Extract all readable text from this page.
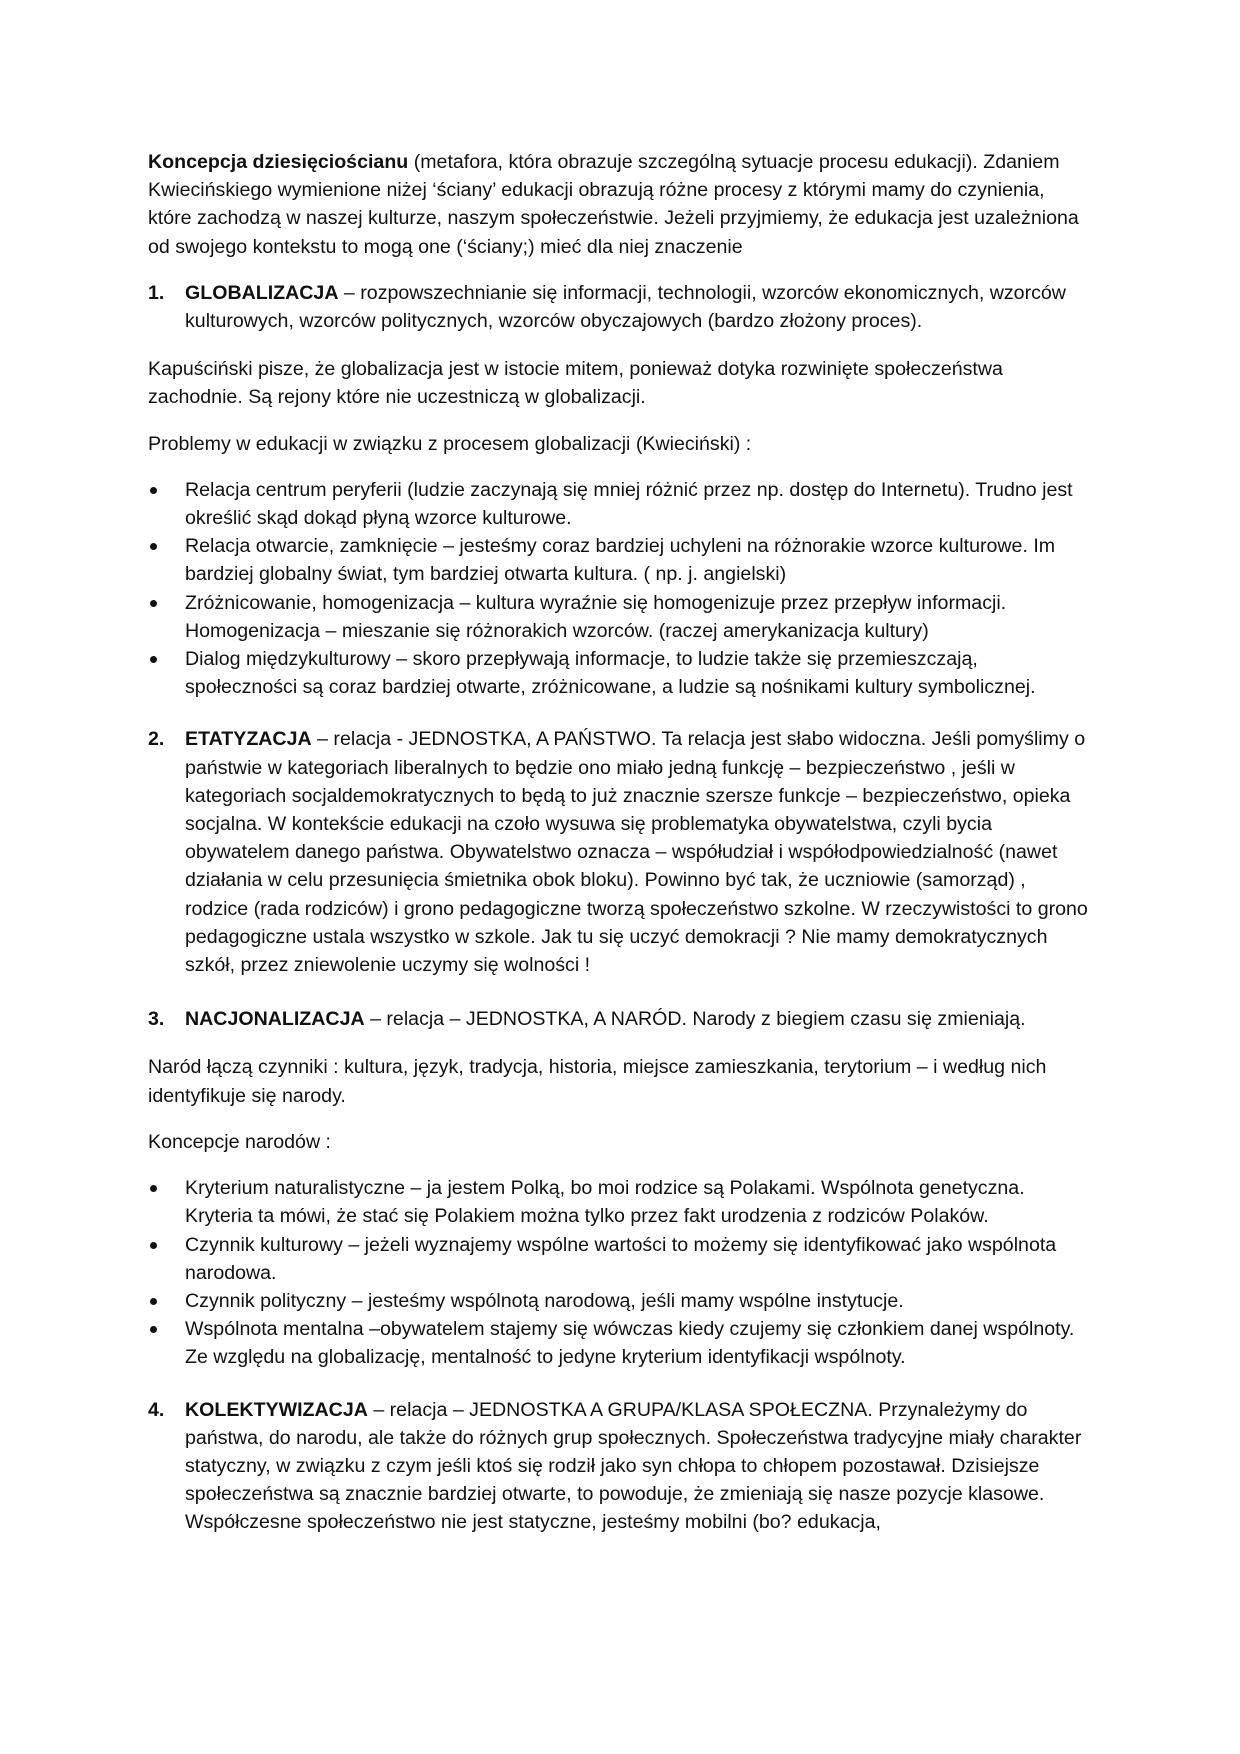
Koncepcja dziesięciościanu (metafora, która obrazuje szczególną sytuacje procesu edukacji). Zdaniem Kwiecińskiego wymienione niżej ‘ściany’ edukacji obrazują różne procesy z którymi mamy do czynienia, które zachodzą w naszej kulturze, naszym społeczeństwie. Jeżeli przyjmiemy, że edukacja jest uzależniona od swojego kontekstu to mogą one (‘ściany;) mieć dla niej znaczenie

1. GLOBALIZACJA – rozpowszechnianie się informacji, technologii, wzorców ekonomicznych, wzorców kulturowych, wzorców politycznych, wzorców obyczajowych (bardzo złożony proces).

Kapuściński pisze, że globalizacja jest w istocie mitem, ponieważ dotyka rozwinięte społeczeństwa zachodnie. Są rejony które nie uczestniczą w globalizacji.

Problemy w edukacji w związku z procesem globalizacji (Kwieciński) :

Relacja centrum peryferii (ludzie zaczynają się mniej różnić przez np. dostęp do Internetu). Trudno jest określić skąd dokąd płyną wzorce kulturowe.
Relacja otwarcie, zamknięcie – jesteśmy coraz bardziej uchyleni na różnorakie wzorce kulturowe. Im bardziej globalny świat, tym bardziej otwarta kultura. ( np. j. angielski)
Zróżnicowanie, homogenizacja – kultura wyraźnie się homogenizuje przez przepływ informacji. Homogenizacja – mieszanie się różnorakich wzorców. (raczej amerykanizacja kultury)
Dialog międzykulturowy – skoro przepływają informacje, to ludzie także się przemieszczają, społeczności są coraz bardziej otwarte, zróżnicowane, a ludzie są nośnikami kultury symbolicznej.
2. ETATYZACJA – relacja - JEDNOSTKA, A PAŃSTWO. Ta relacja jest słabo widoczna. Jeśli pomyślimy o państwie w kategoriach liberalnych to będzie ono miało jedną funkcję – bezpieczeństwo , jeśli w kategoriach socjaldemokratycznych to będą to już znacznie szersze funkcje – bezpieczeństwo, opieka socjalna. W kontekście edukacji na czoło wysuwa się problematyka obywatelstwa, czyli bycia obywatelem danego państwa. Obywatelstwo oznacza – współudział i współodpowiedzialność (nawet działania w celu przesunięcia śmietnika obok bloku). Powinno być tak, że uczniowie (samorząd) , rodzice (rada rodziców) i grono pedagogiczne tworzą społeczeństwo szkolne. W rzeczywistości to grono pedagogiczne ustala wszystko w szkole. Jak tu się uczyć demokracji ? Nie mamy demokratycznych szkół, przez zniewolenie uczymy się wolności !
3. NACJONALIZACJA – relacja – JEDNOSTKA, A NARÓD. Narody z biegiem czasu się zmieniają.

Naród łączą czynniki : kultura, język, tradycja, historia, miejsce zamieszkania, terytorium – i według nich identyfikuje się narody.

Koncepcje narodów :

Kryterium naturalistyczne – ja jestem Polką, bo moi rodzice są Polakami. Wspólnota genetyczna. Kryteria ta mówi, że stać się Polakiem można tylko przez fakt urodzenia z rodziców Polaków.
Czynnik kulturowy – jeżeli wyznajemy wspólne wartości to możemy się identyfikować jako wspólnota narodowa.
Czynnik polityczny – jesteśmy wspólnotą narodową, jeśli mamy wspólne instytucje.
Wspólnota mentalna –obywatelem stajemy się wówczas kiedy czujemy się członkiem danej wspólnoty. Ze względu na globalizację, mentalność to jedyne kryterium identyfikacji wspólnoty.
4. KOLEKTYWIZACJA – relacja – JEDNOSTKA A GRUPA/KLASA SPOŁECZNA. Przynależymy do państwa, do narodu, ale także do różnych grup społecznych. Społeczeństwa tradycyjne miały charakter statyczny, w związku z czym jeśli ktoś się rodził jako syn chłopa to chłopem pozostawał. Dzisiejsze społeczeństwa są znacznie bardziej otwarte, to powoduje, że zmieniają się nasze pozycje klasowe. Współczesne społeczeństwo nie jest statyczne, jesteśmy mobilni (bo? edukacja,
